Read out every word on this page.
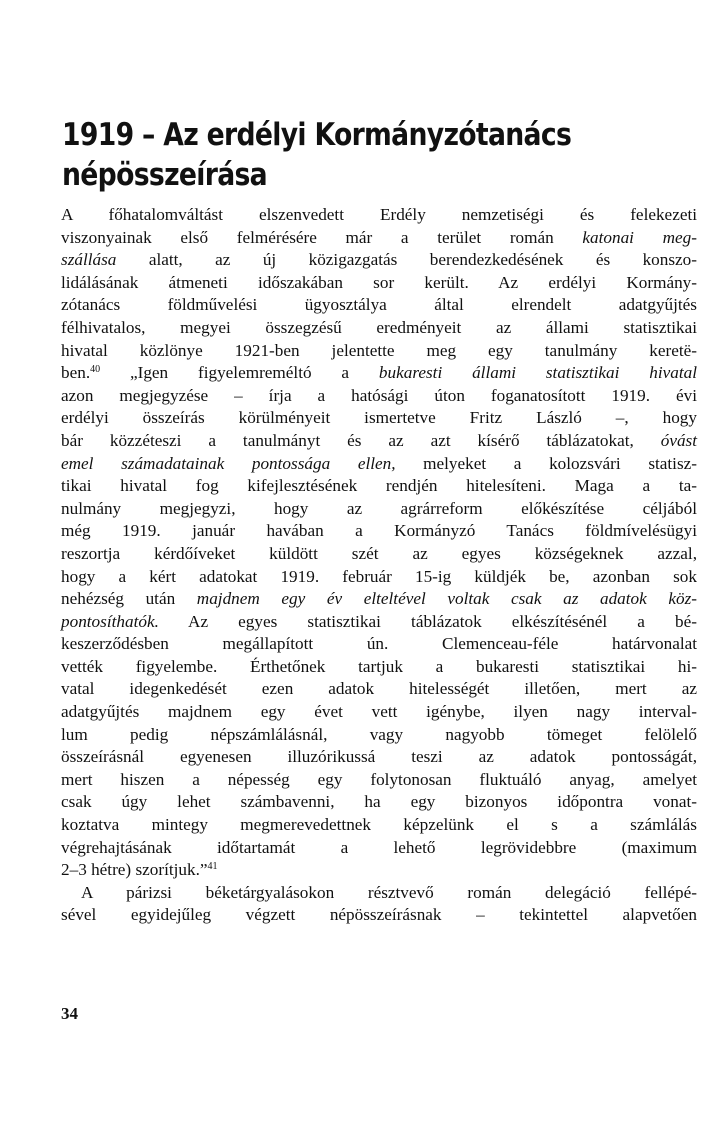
1919 – Az erdélyi Kormányzótanács
népösszeírása
A főhatalomváltást elszenvedett Erdély nemzetiségi és felekezeti
viszonyainak első felmérésére már a terület román katonai meg-
szállása alatt, az új közigazgatás berendezkedésének és konszo-
lidálásának átmeneti időszakában sor került. Az erdélyi Kormány-
zótanács földművelési ügyosztálya által elrendelt adatgyűjtés
félhivatalos, megyei összegzésű eredményeit az állami statisztikai
hivatal közlönye 1921-ben jelentette meg egy tanulmány keretë-
ben.$^{40}$ „Igen figyelemreméltó a bukaresti állami statisztikai hivatal
azon megjegyzése – írja a hatósági úton foganatosított 1919. évi
erdélyi összeírás körülményeit ismertetve Fritz László –, hogy
bár közzéteszi a tanulmányt és az azt kísérő táblázatokat, óvást
emel számadatainak pontossága ellen, melyeket a kolozsvári statisz-
tikai hivatal fog kifejlesztésének rendjén hitelesíteni. Maga a ta-
nulmány megjegyzi, hogy az agrárreform előkészítése céljából
még 1919. január havában a Kormányzó Tanács földmívelésügyi
reszortja kérdőíveket küldött szét az egyes községeknek azzal,
hogy a kért adatokat 1919. február 15-ig küldjék be, azonban sok
nehézség után majdnem egy év elteltével voltak csak az adatok köz-
pontosíthatók. Az egyes statisztikai táblázatok elkészítésénél a bé-
keszerződésben megállapított ún. Clemenceau-féle határvonalat
vették figyelembe. Érthetőnek tartjuk a bukaresti statisztikai hi-
vatal idegenkedését ezen adatok hitelességét illetően, mert az
adatgyűjtés majdnem egy évet vett igénybe, ilyen nagy interval-
lum pedig népszámlálásnál, vagy nagyobb tömeget felölelő
összeírásnál egyenesen illuzórikussá teszi az adatok pontosságát,
mert hiszen a népesség egy folytonosan fluktuáló anyag, amelyet
csak úgy lehet számbavenni, ha egy bizonyos időpontra vonat-
koztatva mintegy megmerevedettnek képzelünk el s a számlálás
végrehajtásának időtartamát a lehető legrövidebbre (maximum
2–3 hétre) szorítjuk.”$^{41}$
A párizsi béketárgyalásokon résztvevő román delegáció fellépé-
sével egyidejűleg végzett népösszeírásnak – tekintettel alapvetően
34
